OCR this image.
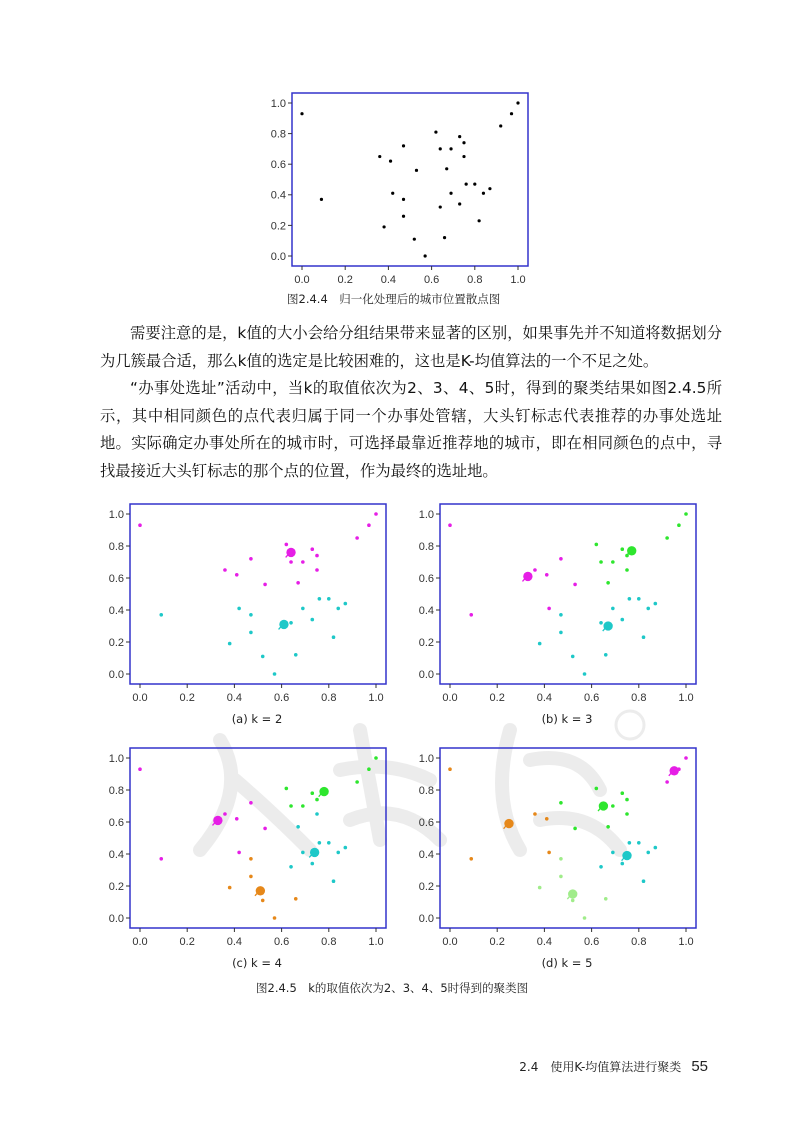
0.0	0.2	0.4	0.6	0.8	1.0
0.0
0.2
0.4
0.6
0.8
1.0
图2.4.4　归一化处理后的城市位置散点图

需要注意的是，k值的大小会给分组结果带来显著的区别，如果事先并不知道将数据划分为几簇最合适，那么k值的选定是比较困难的，这也是K-均值算法的一个不足之处。

“办事处选址”活动中，当k的取值依次为2、3、4、5时，得到的聚类结果如图2.4.5所示，其中相同颜色的点代表归属于同一个办事处管辖，大头钉标志代表推荐的办事处选址地。实际确定办事处所在的城市时，可选择最靠近推荐地的城市，即在相同颜色的点中，寻找最接近大头钉标志的那个点的位置，作为最终的选址地。

0.0	0.2	0.4	0.6	0.8	1.0
0.0
0.2
0.4
0.6
0.8
1.0
(a) k = 2
0.0	0.2	0.4	0.6	0.8	1.0
0.0
0.2
0.4
0.6
0.8
1.0
(b) k = 3
0.0	0.2	0.4	0.6	0.8	1.0
0.0
0.2
0.4
0.6
0.8
1.0
(c) k = 4
0.0	0.2	0.4	0.6	0.8	1.0
0.0
0.2
0.4
0.6
0.8
1.0
(d) k = 5
图2.4.5　k的取值依次为2、3、4、5时得到的聚类图
2.4　使用K-均值算法进行聚类 55
